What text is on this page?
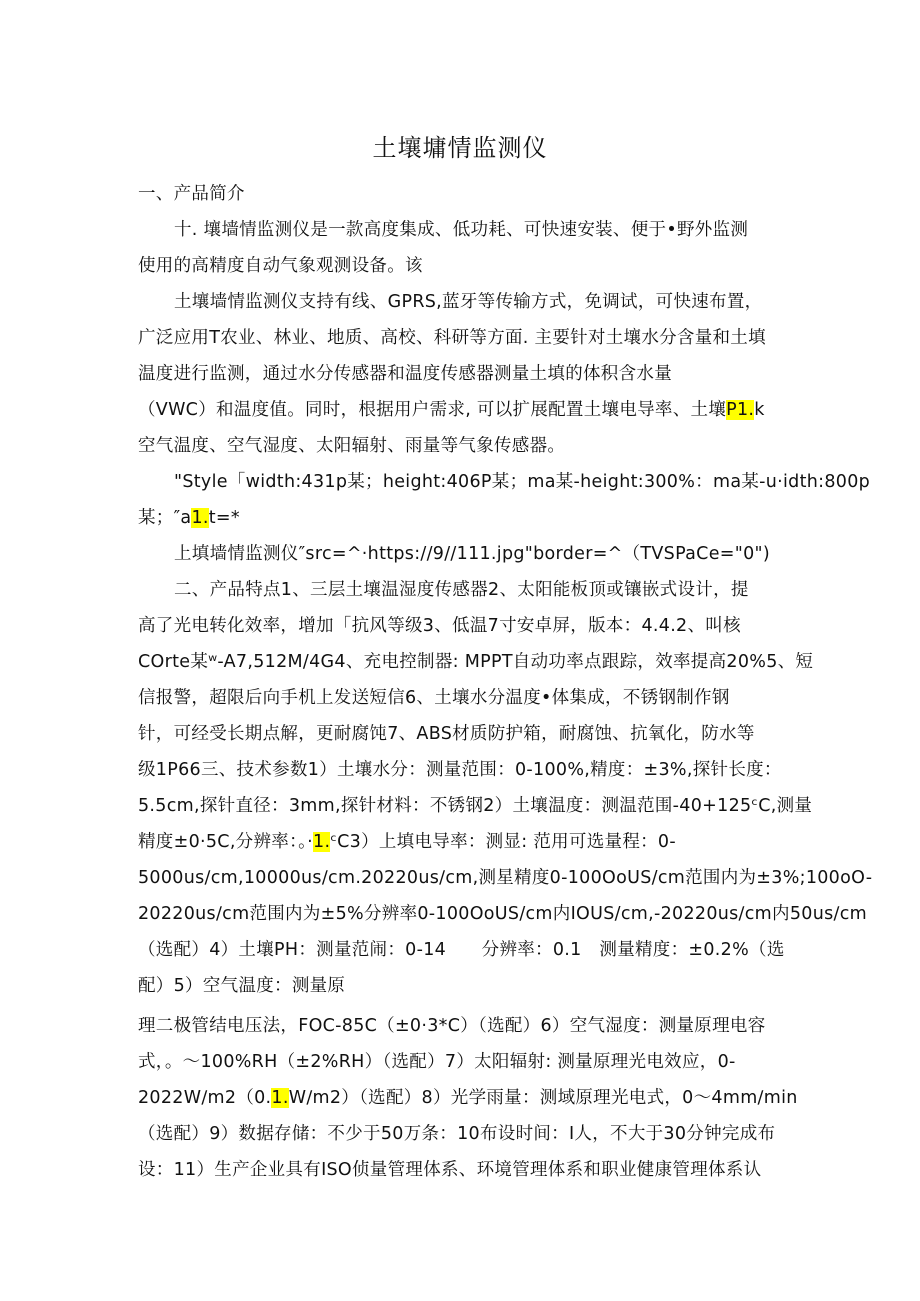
土壤墉情监测仪
一、产品简介
十. 壤墙情监测仪是一款高度集成、低功耗、可快速安装、便于•野外监测
使用的高精度自动气象观测设备。该
土壤墙情监测仪支持有线、GPRS,蓝牙等传输方式，免调试，可快速布置，
广泛应用T农业、林业、地质、高校、科研等方面. 主要针对土壤水分含量和土填
温度进行监测，通过水分传感器和温度传感器测量土填的体积含水量
（VWC）和温度值。同时，根据用户需求, 可以扩展配置土壤电导率、土壤P1.k
空气温度、空气湿度、太阳辐射、雨量等气象传感器。
"Style「width:431p某；height:406P某；ma某-height:300%：ma某-u·idth:800p
某；″a1.t=*
上填墙情监测仪″src=^·https://9//111.jpg"border=^（TVSPaCe="0")
二、产品特点1、三层土壤温湿度传感器2、太阳能板顶或镶嵌式设计，提
高了光电转化效率，增加「抗风等级3、低温7寸安卓屏，版本：4.4.2、叫核
COrte某ʷ-A7,512M/4G4、充电控制器: MPPT自动功率点跟踪，效率提高20%5、短
信报警，超限后向手机上发送短信6、土壤水分温度•体集成，不锈钢制作钢
针，可经受长期点解，更耐腐饨7、ABS材质防护箱，耐腐蚀、抗氧化，防水等
级1P66三、技术参数1）土壤水分：测量范围：0-100%,精度：±3%,探针长度：
5.5cm,探针直径：3mm,探针材料：不锈钢2）土壤温度：测温范围-40+125ᶜC,测量
精度±0·5C,分辨率：。·1.ᶜC3）上填电导率：测显: 范用可选量程：0-
5000us∕cm,10000us∕cm.20220us∕cm,测星精度0-100OoUS/cm范围内为±3%;100oO-
20220us∕cm范围内为±5%分辨率0-100OoUS/cm内IOUS/cm,-20220us∕cm内50us∕cm
（选配）4）土壤PH：测量范闹：0-14　　分辨率：0.1　测量精度：±0.2%（选
配）5）空气温度：测量原
理二极管结电压法，FOC-85C（±0·3*C）（选配）6）空气湿度：测量原理电容
式，。〜100%RH（±2%RH）（选配）7）太阳辐射: 测量原理光电效应，0-
2022W∕m2（0.1.W∕m2）（选配）8）光学雨量：测域原理光电式，0〜4mm∕min
（选配）9）数据存储：不少于50万条：10布设时间：I人，不大于30分钟完成布
设：11）生产企业具有ISO侦量管理体系、环境管理体系和职业健康管理体系认
